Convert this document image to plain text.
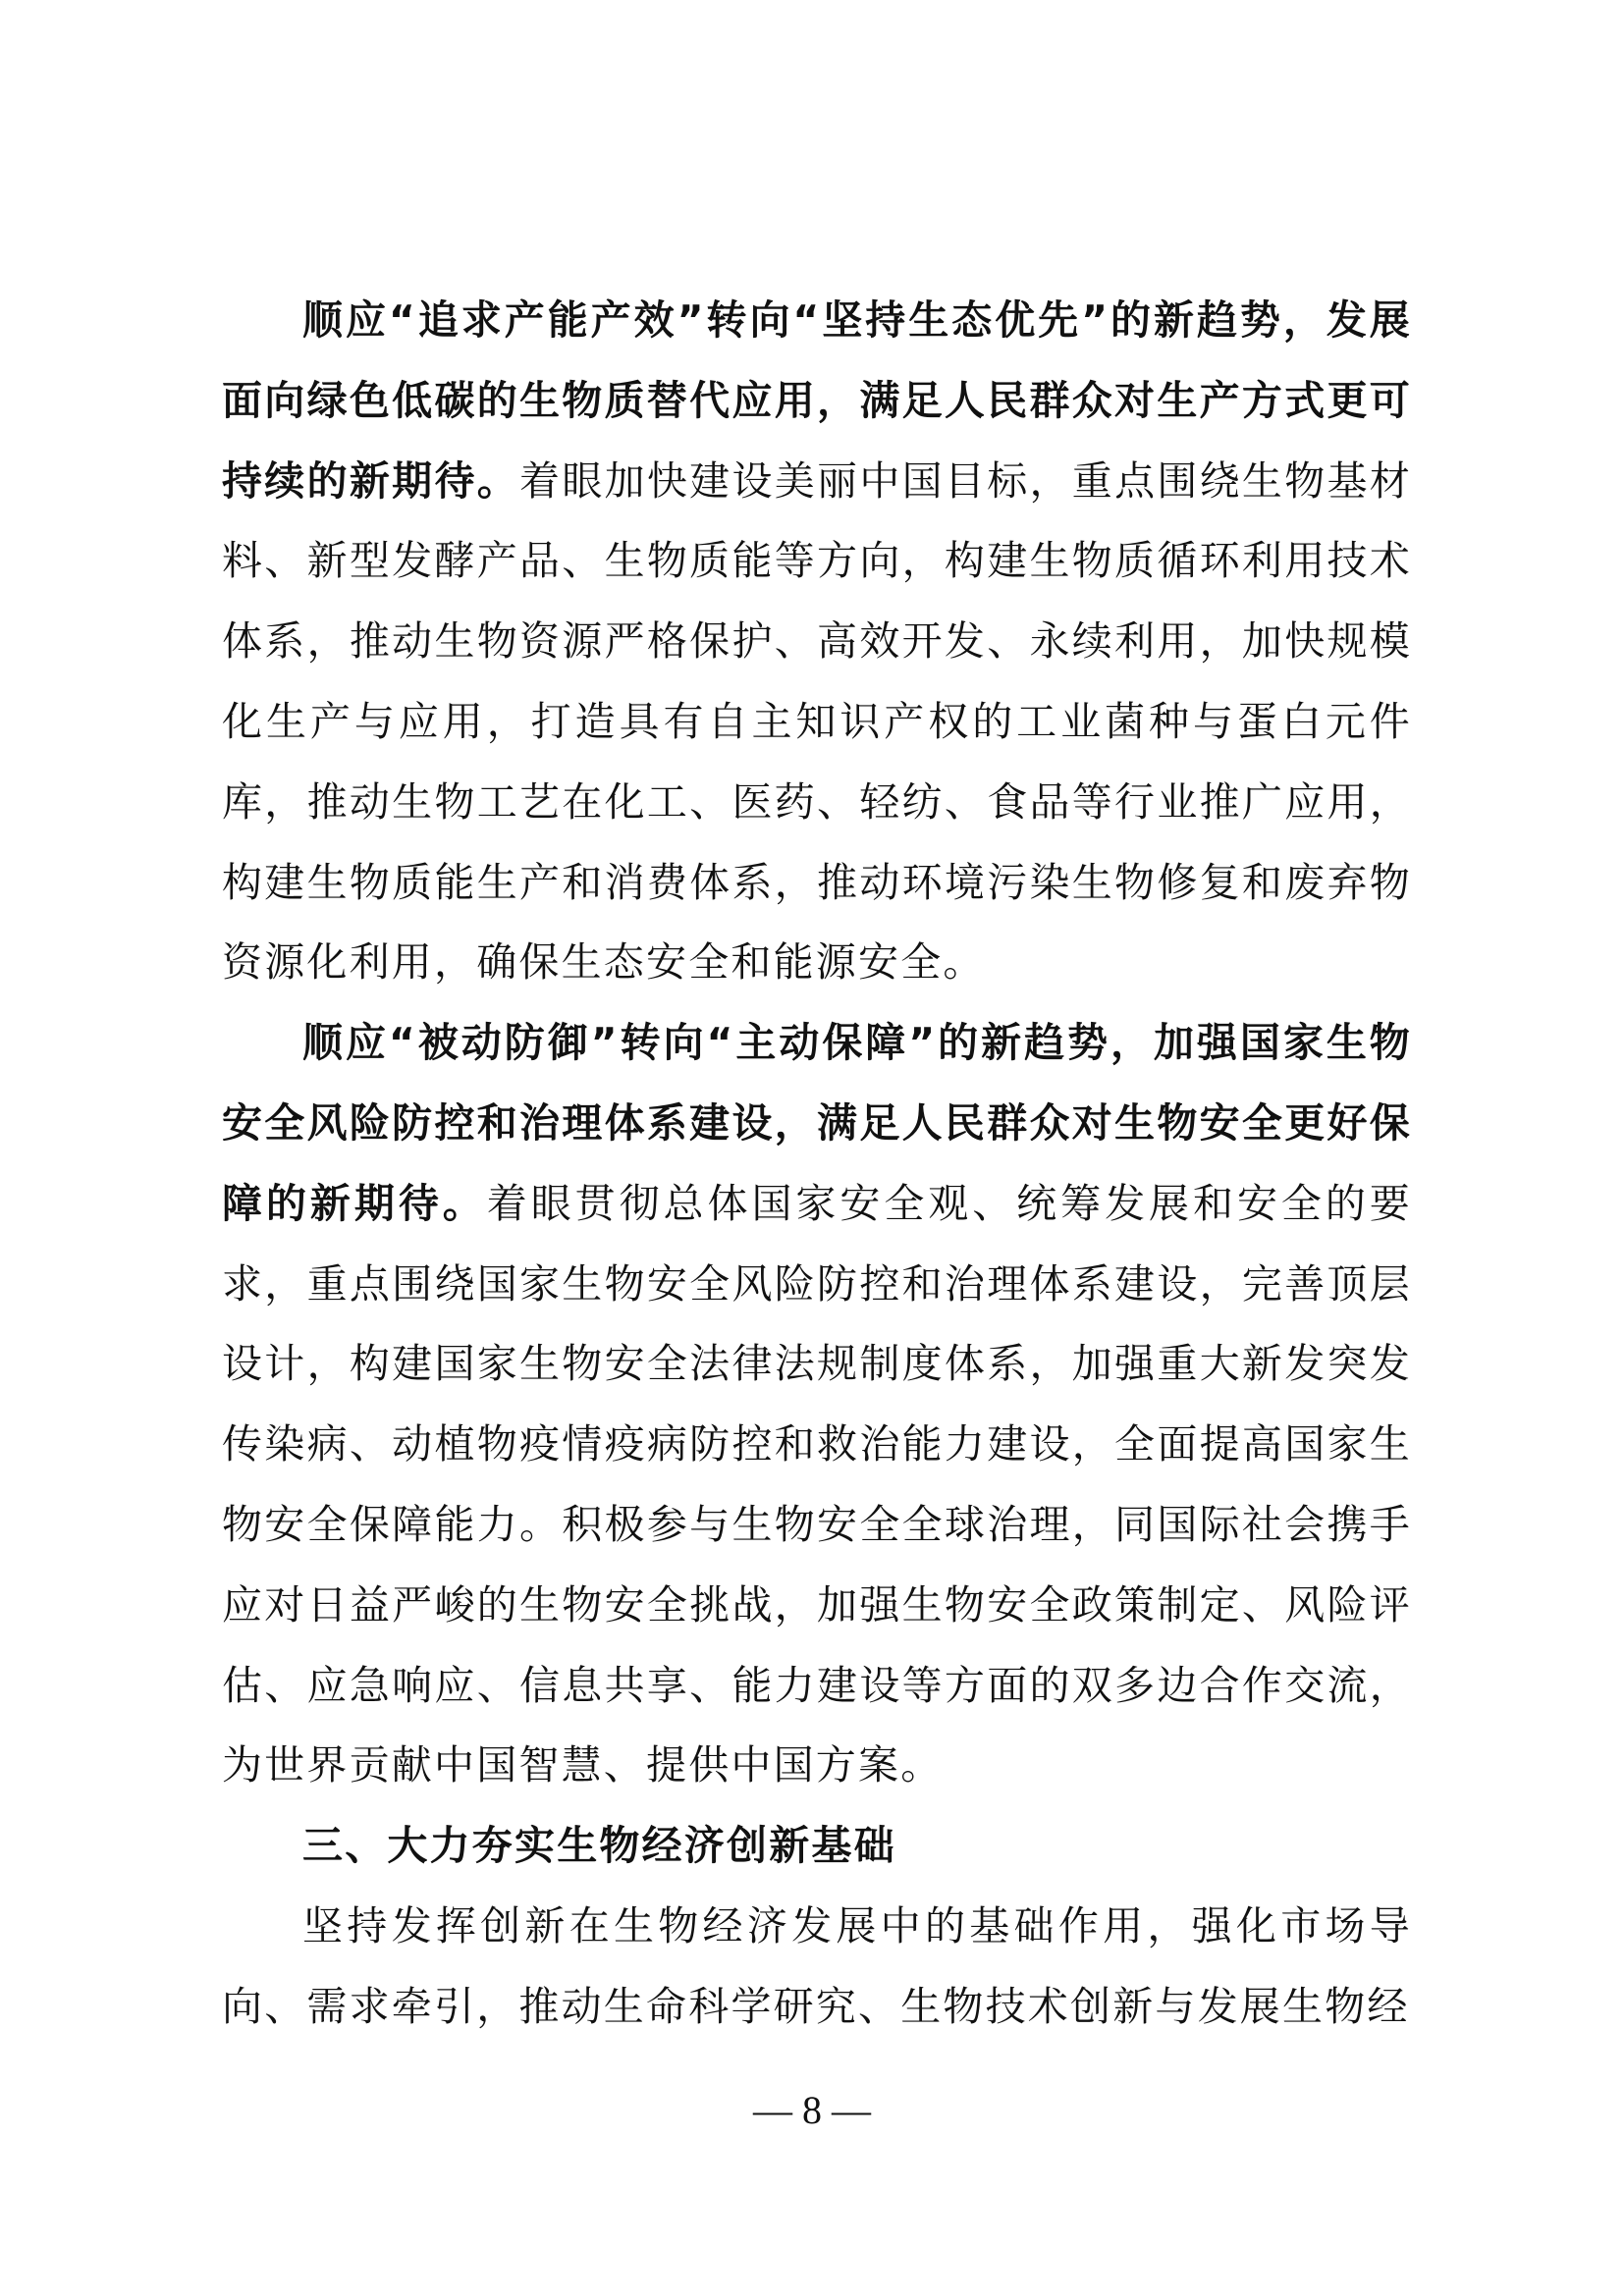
顺应“追求产能产效”转向“坚持生态优先”的新趋势，发展面向绿色低碳的生物质替代应用，满足人民群众对生产方式更可持续的新期待。着眼加快建设美丽中国目标，重点围绕生物基材料、新型发酵产品、生物质能等方向，构建生物质循环利用技术体系，推动生物资源严格保护、高效开发、永续利用，加快规模化生产与应用，打造具有自主知识产权的工业菌种与蛋白元件库，推动生物工艺在化工、医药、轻纺、食品等行业推广应用，构建生物质能生产和消费体系，推动环境污染生物修复和废弃物资源化利用，确保生态安全和能源安全。

顺应“被动防御”转向“主动保障”的新趋势，加强国家生物安全风险防控和治理体系建设，满足人民群众对生物安全更好保障的新期待。着眼贯彻总体国家安全观、统筹发展和安全的要求，重点围绕国家生物安全风险防控和治理体系建设，完善顶层设计，构建国家生物安全法律法规制度体系，加强重大新发突发传染病、动植物疫情疫病防控和救治能力建设，全面提高国家生物安全保障能力。积极参与生物安全全球治理，同国际社会携手应对日益严峻的生物安全挑战，加强生物安全政策制定、风险评估、应急响应、信息共享、能力建设等方面的双多边合作交流，为世界贡献中国智慧、提供中国方案。

三、大力夯实生物经济创新基础

坚持发挥创新在生物经济发展中的基础作用，强化市场导向、需求牵引，推动生命科学研究、生物技术创新与发展生物经

— 8 —
